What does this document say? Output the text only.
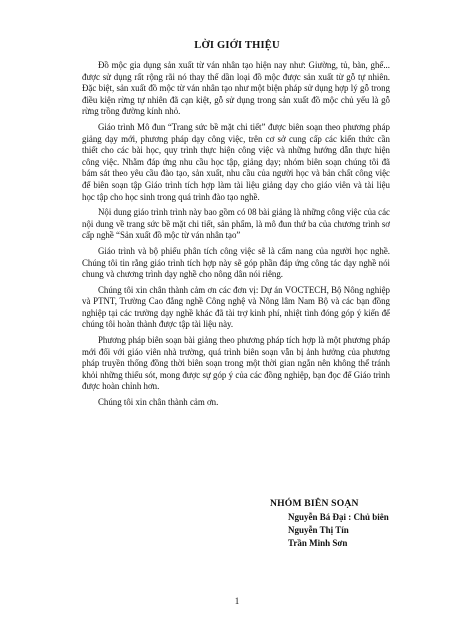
LỜI GIỚI THIỆU

Đồ mộc gia dụng sản xuất từ ván nhân tạo hiện nay như: Giường, tủ, bàn, ghế... được sử dụng rất rộng rãi nó thay thế dần loại đồ mộc được sản xuất từ gỗ tự nhiên. Đặc biệt, sản xuất đồ mộc từ ván nhân tạo như một biện pháp sử dụng hợp lý gỗ trong điều kiện rừng tự nhiên đã cạn kiệt, gỗ sử dụng trong sản xuất đồ mộc chủ yếu là gỗ rừng trồng đường kính nhỏ.

Giáo trình Mô đun “Trang sức bề mặt chi tiết” được biên soạn theo phương pháp giảng dạy mới, phương pháp dạy công việc, trên cơ sở cung cấp các kiến thức cần thiết cho các bài học, quy trình thực hiện công việc và những hướng dẫn thực hiện công việc. Nhằm đáp ứng nhu cầu học tập, giảng dạy; nhóm biên soạn chúng tôi đã bám sát theo yêu cầu đào tạo, sản xuất, nhu cầu của người học và bản chất công việc để biên soạn tập Giáo trình tích hợp làm tài liệu giảng dạy cho giáo viên và tài liệu học tập cho học sinh trong quá trình đào tạo nghề.

Nội dung giáo trình trình này bao gồm có 08 bài giảng là những công việc của các nội dung về trang sức bề mặt chi tiết, sản phẩm, là mô đun thứ ba của chương trình sơ cấp nghề “Sản xuất đồ mộc từ ván nhân tạo”

Giáo trình và bộ phiếu phân tích công việc sẽ là cẩm nang của người học nghề. Chúng tôi tin rằng giáo trình tích hợp này sẽ góp phần đáp ứng công tác dạy nghề nói chung và chương trình dạy nghề cho nông dân nói riêng.

Chúng tôi xin chân thành cảm ơn các đơn vị: Dự án VOCTECH, Bộ Nông nghiệp và PTNT, Trường Cao đẳng nghề Công nghệ và Nông lâm Nam Bộ và các bạn đồng nghiệp tại các trường dạy nghề khác đã tài trợ kinh phí, nhiệt tình đóng góp ý kiến để chúng tôi hoàn thành được tập tài liệu này.

Phương pháp biên soạn bài giảng theo phương pháp tích hợp là một phương pháp mới đối với giáo viên nhà trường, quá trình biên soạn vẫn bị ảnh hưởng của phương pháp truyền thống đồng thời biên soạn trong một thời gian ngắn nên không thể tránh khỏi những thiếu sót, mong được sự góp ý của các đồng nghiệp, bạn đọc để Giáo trình được hoàn chỉnh hơn.

Chúng tôi xin chân thành cảm ơn.

NHÓM BIÊN SOẠN
Nguyễn Bá Đại : Chủ biên
Nguyễn Thị Tín
Trần Minh Sơn
1
